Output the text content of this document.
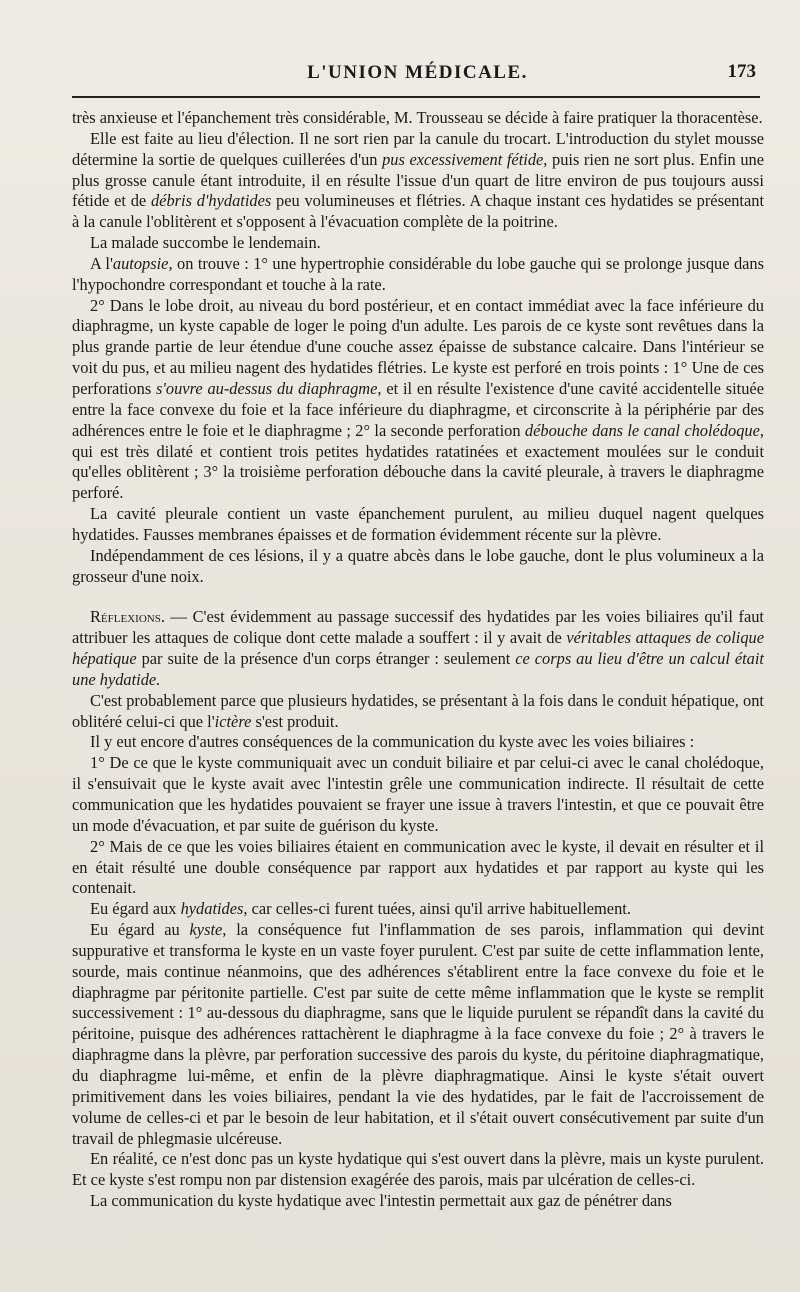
L'UNION MÉDICALE.	173

très anxieuse et l'épanchement très considérable, M. Trousseau se décide à faire pratiquer la thoracentèse.

Elle est faite au lieu d'élection. Il ne sort rien par la canule du trocart. L'introduction du stylet mousse détermine la sortie de quelques cuillerées d'un pus excessivement fétide, puis rien ne sort plus. Enfin une plus grosse canule étant introduite, il en résulte l'issue d'un quart de litre environ de pus toujours aussi fétide et de débris d'hydatides peu volumineuses et flétries. A chaque instant ces hydatides se présentant à la canule l'oblitèrent et s'opposent à l'évacuation complète de la poitrine.

La malade succombe le lendemain.

A l'autopsie, on trouve : 1° une hypertrophie considérable du lobe gauche qui se prolonge jusque dans l'hypochondre correspondant et touche à la rate.

2° Dans le lobe droit, au niveau du bord postérieur, et en contact immédiat avec la face inférieure du diaphragme, un kyste capable de loger le poing d'un adulte. Les parois de ce kyste sont revêtues dans la plus grande partie de leur étendue d'une couche assez épaisse de substance calcaire. Dans l'intérieur se voit du pus, et au milieu nagent des hydatides flétries. Le kyste est perforé en trois points : 1° Une de ces perforations s'ouvre au-dessus du diaphragme, et il en résulte l'existence d'une cavité accidentelle située entre la face convexe du foie et la face inférieure du diaphragme, et circonscrite à la périphérie par des adhérences entre le foie et le diaphragme ; 2° la seconde perforation débouche dans le canal cholédoque, qui est très dilaté et contient trois petites hydatides ratatinées et exactement moulées sur le conduit qu'elles oblitèrent ; 3° la troisième perforation débouche dans la cavité pleurale, à travers le diaphragme perforé.

La cavité pleurale contient un vaste épanchement purulent, au milieu duquel nagent quelques hydatides. Fausses membranes épaisses et de formation évidemment récente sur la plèvre.

Indépendamment de ces lésions, il y a quatre abcès dans le lobe gauche, dont le plus volumineux a la grosseur d'une noix.

Réflexions. — C'est évidemment au passage successif des hydatides par les voies biliaires qu'il faut attribuer les attaques de colique dont cette malade a souffert : il y avait de véritables attaques de colique hépatique par suite de la présence d'un corps étranger : seulement ce corps au lieu d'être un calcul était une hydatide.

C'est probablement parce que plusieurs hydatides, se présentant à la fois dans le conduit hépatique, ont oblitéré celui-ci que l'ictère s'est produit.

Il y eut encore d'autres conséquences de la communication du kyste avec les voies biliaires :

1° De ce que le kyste communiquait avec un conduit biliaire et par celui-ci avec le canal cholédoque, il s'ensuivait que le kyste avait avec l'intestin grêle une communication indirecte. Il résultait de cette communication que les hydatides pouvaient se frayer une issue à travers l'intestin, et que ce pouvait être un mode d'évacuation, et par suite de guérison du kyste.

2° Mais de ce que les voies biliaires étaient en communication avec le kyste, il devait en résulter et il en était résulté une double conséquence par rapport aux hydatides et par rapport au kyste qui les contenait.

Eu égard aux hydatides, car celles-ci furent tuées, ainsi qu'il arrive habituellement.

Eu égard au kyste, la conséquence fut l'inflammation de ses parois, inflammation qui devint suppurative et transforma le kyste en un vaste foyer purulent. C'est par suite de cette inflammation lente, sourde, mais continue néanmoins, que des adhérences s'établirent entre la face convexe du foie et le diaphragme par péritonite partielle. C'est par suite de cette même inflammation que le kyste se remplit successivement : 1° au-dessous du diaphragme, sans que le liquide purulent se répandît dans la cavité du péritoine, puisque des adhérences rattachèrent le diaphragme à la face convexe du foie ; 2° à travers le diaphragme dans la plèvre, par perforation successive des parois du kyste, du péritoine diaphragmatique, du diaphragme lui-même, et enfin de la plèvre diaphragmatique. Ainsi le kyste s'était ouvert primitivement dans les voies biliaires, pendant la vie des hydatides, par le fait de l'accroissement de volume de celles-ci et par le besoin de leur habitation, et il s'était ouvert consécutivement par suite d'un travail de phlegmasie ulcéreuse.

En réalité, ce n'est donc pas un kyste hydatique qui s'est ouvert dans la plèvre, mais un kyste purulent. Et ce kyste s'est rompu non par distension exagérée des parois, mais par ulcération de celles-ci.

La communication du kyste hydatique avec l'intestin permettait aux gaz de pénétrer dans
